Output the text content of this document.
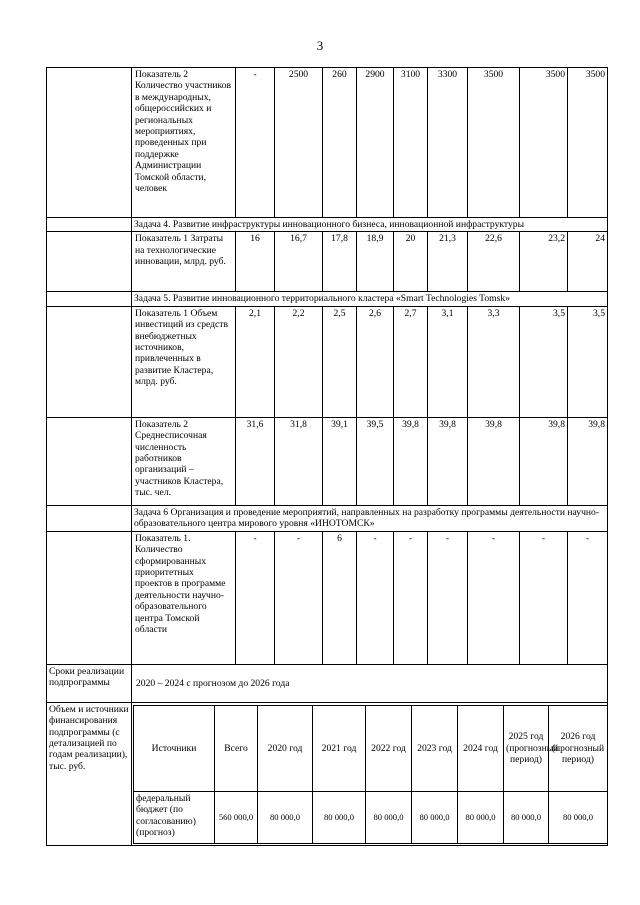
3
	Показатель 2 Количество участников в международных, общероссийских и региональных мероприятиях, проведенных при поддержке Администрации Томской области, человек	-	2500	260	2900	3100	3300	3500	3500	3500
	Задача 4. Развитие инфраструктуры инновационного бизнеса, инновационной инфраструктуры									
	Показатель 1 Затраты на технологические инновации, млрд. руб.	16	16,7	17,8	18,9	20	21,3	22,6	23,2	24
	Задача 5. Развитие инновационного территориального кластера «Smart Technologies Tomsk»									
	Показатель 1 Объем инвестиций из средств внебюджетных источников, привлеченных в развитие Кластера, млрд. руб.	2,1	2,2	2,5	2,6	2,7	3,1	3,3	3,5	3,5
	Показатель 2 Среднесписочная численность работников организаций – участников Кластера, тыс. чел.	31,6	31,8	39,1	39,5	39,8	39,8	39,8	39,8	39,8
	Задача 6 Организация и проведение мероприятий, направленных на разработку программы деятельности научно-образовательного центра мирового уровня «ИНОТОМСК»									
	Показатель 1. Количество сформированных приоритетных проектов в программе деятельности научно-образовательного центра Томской области	-	-	6	-	-	-	-	-	-
Сроки реализации подпрограммы	2020 – 2024 с прогнозом до 2026 года									
Объем и источники финансирования подпрограммы (с детализацией по годам реализации), тыс. руб.										
Источники	Всего	2020 год	2021 год	2022 год	2023 год	2024 год	2025 год (прогнозный период)	2026 год (прогнозный период)
федеральный бюджет (по согласованию) (прогноз)	560 000,0	80 000,0	80 000,0	80 000,0	80 000,0	80 000,0	80 000,0	80 000,0
